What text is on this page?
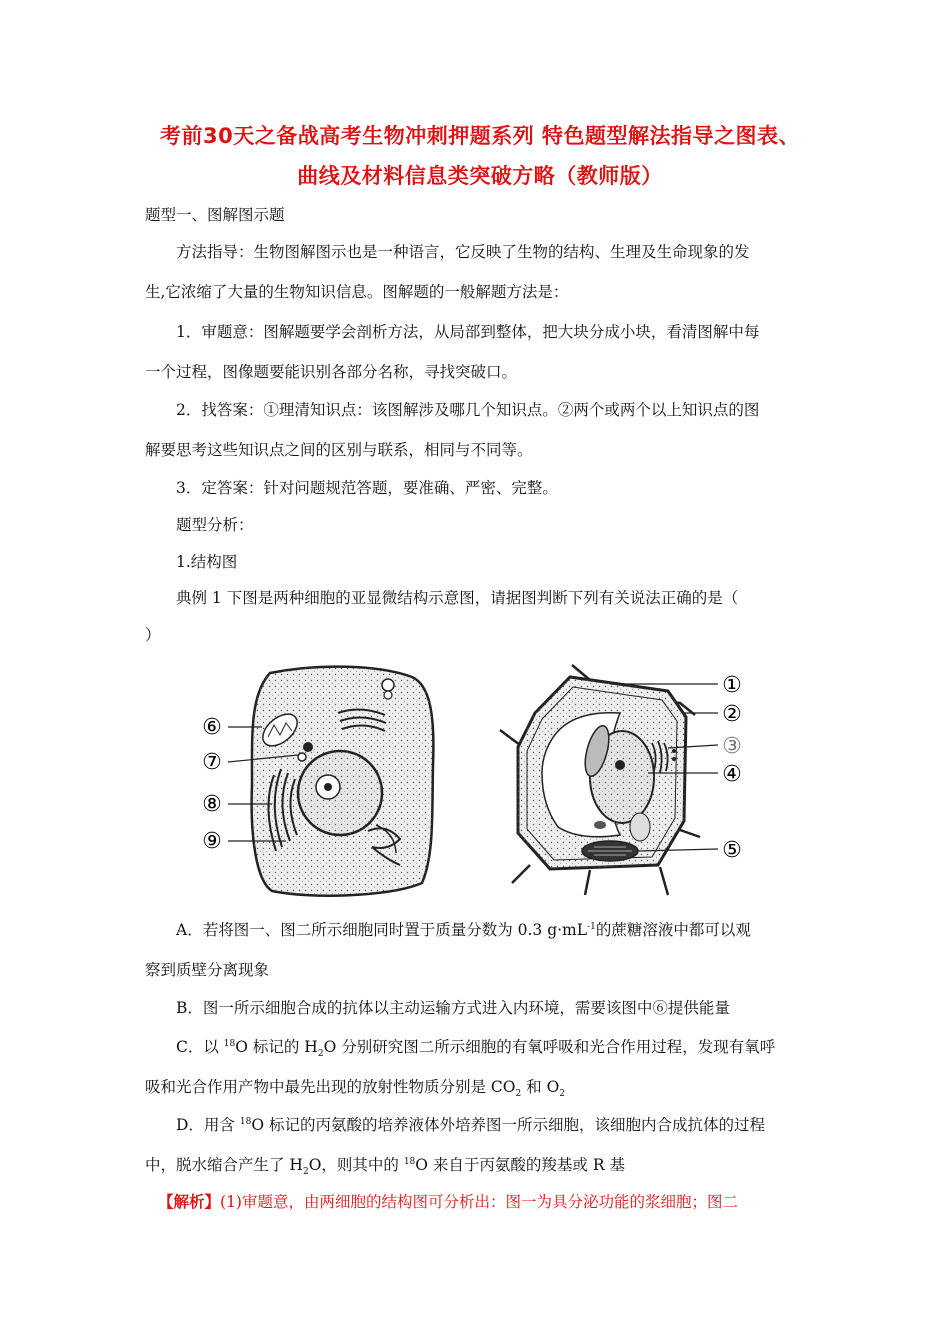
考前30天之备战高考生物冲刺押题系列 特色题型解法指导之图表、
曲线及材料信息类突破方略（教师版）
题型一、图解图示题
方法指导：生物图解图示也是一种语言，它反映了生物的结构、生理及生命现象的发
生,它浓缩了大量的生物知识信息。图解题的一般解题方法是：
1．审题意：图解题要学会剖析方法，从局部到整体，把大块分成小块，看清图解中每
一个过程，图像题要能识别各部分名称，寻找突破口。
2．找答案：①理清知识点：该图解涉及哪几个知识点。②两个或两个以上知识点的图
解要思考这些知识点之间的区别与联系，相同与不同等。
3．定答案：针对问题规范答题，要准确、严密、完整。
题型分析：
1.结构图
典例 1 下图是两种细胞的亚显微结构示意图，请据图判断下列有关说法正确的是（
）
⑥
⑦
⑧
⑨
①
②
③
④
⑤
A．若将图一、图二所示细胞同时置于质量分数为 0.3 $g\cdot mL^{-1}$的蔗糖溶液中都可以观
察到质壁分离现象
B．图一所示细胞合成的抗体以主动运输方式进入内环境，需要该图中⑥提供能量
C．以 $^{18}$O 标记的 $H_2O$ 分别研究图二所示细胞的有氧呼吸和光合作用过程，发现有氧呼
吸和光合作用产物中最先出现的放射性物质分别是 $CO_2$ 和 $O_2$
D．用含 $^{18}$O 标记的丙氨酸的培养液体外培养图一所示细胞，该细胞内合成抗体的过程
中，脱水缩合产生了 $H_2O$，则其中的 $^{18}$O 来自于丙氨酸的羧基或 R 基
【解析】(1)审题意，由两细胞的结构图可分析出：图一为具分泌功能的浆细胞；图二
